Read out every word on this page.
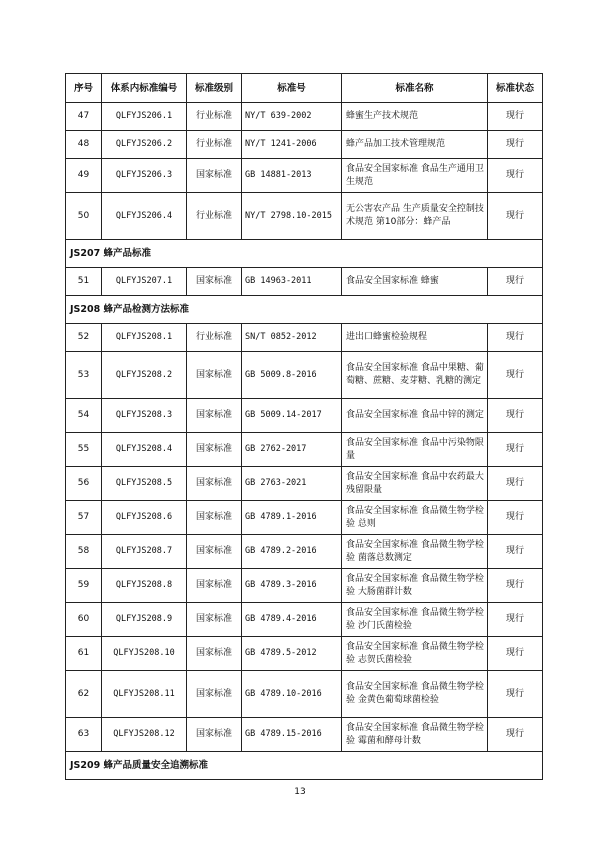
序号	体系内标准编号	标准级别	标准号	标准名称	标准状态
47	QLFYJS206.1	行业标准	NY/T 639-2002	蜂蜜生产技术规范	现行
48	QLFYJS206.2	行业标准	NY/T 1241-2006	蜂产品加工技术管理规范	现行
49	QLFYJS206.3	国家标准	GB 14881-2013	食品安全国家标准 食品生产通用卫生规范	现行
50	QLFYJS206.4	行业标准	NY/T 2798.10-2015	无公害农产品 生产质量安全控制技术规范 第10部分：蜂产品	现行
JS207 蜂产品标准					
51	QLFYJS207.1	国家标准	GB 14963-2011	食品安全国家标准 蜂蜜	现行
JS208 蜂产品检测方法标准					
52	QLFYJS208.1	行业标准	SN/T 0852-2012	进出口蜂蜜检验规程	现行
53	QLFYJS208.2	国家标准	GB 5009.8-2016	食品安全国家标准 食品中果糖、葡萄糖、蔗糖、麦芽糖、乳糖的测定	现行
54	QLFYJS208.3	国家标准	GB 5009.14-2017	食品安全国家标准 食品中锌的测定	现行
55	QLFYJS208.4	国家标准	GB 2762-2017	食品安全国家标准 食品中污染物限量	现行
56	QLFYJS208.5	国家标准	GB 2763-2021	食品安全国家标准 食品中农药最大残留限量	现行
57	QLFYJS208.6	国家标准	GB 4789.1-2016	食品安全国家标准 食品微生物学检验 总则	现行
58	QLFYJS208.7	国家标准	GB 4789.2-2016	食品安全国家标准 食品微生物学检验 菌落总数测定	现行
59	QLFYJS208.8	国家标准	GB 4789.3-2016	食品安全国家标准 食品微生物学检验 大肠菌群计数	现行
60	QLFYJS208.9	国家标准	GB 4789.4-2016	食品安全国家标准 食品微生物学检验 沙门氏菌检验	现行
61	QLFYJS208.10	国家标准	GB 4789.5-2012	食品安全国家标准 食品微生物学检验 志贺氏菌检验	现行
62	QLFYJS208.11	国家标准	GB 4789.10-2016	食品安全国家标准 食品微生物学检验 金黄色葡萄球菌检验	现行
63	QLFYJS208.12	国家标准	GB 4789.15-2016	食品安全国家标准 食品微生物学检验 霉菌和酵母计数	现行
JS209 蜂产品质量安全追溯标准					
13
